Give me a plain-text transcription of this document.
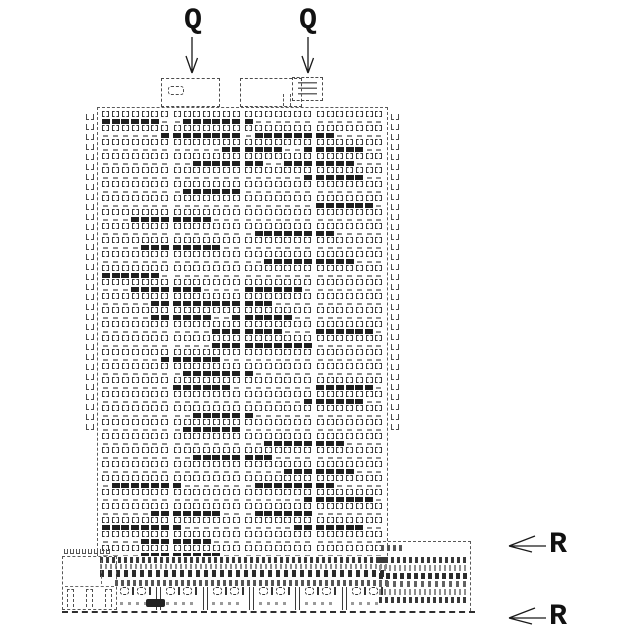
Q	Q
R
R
